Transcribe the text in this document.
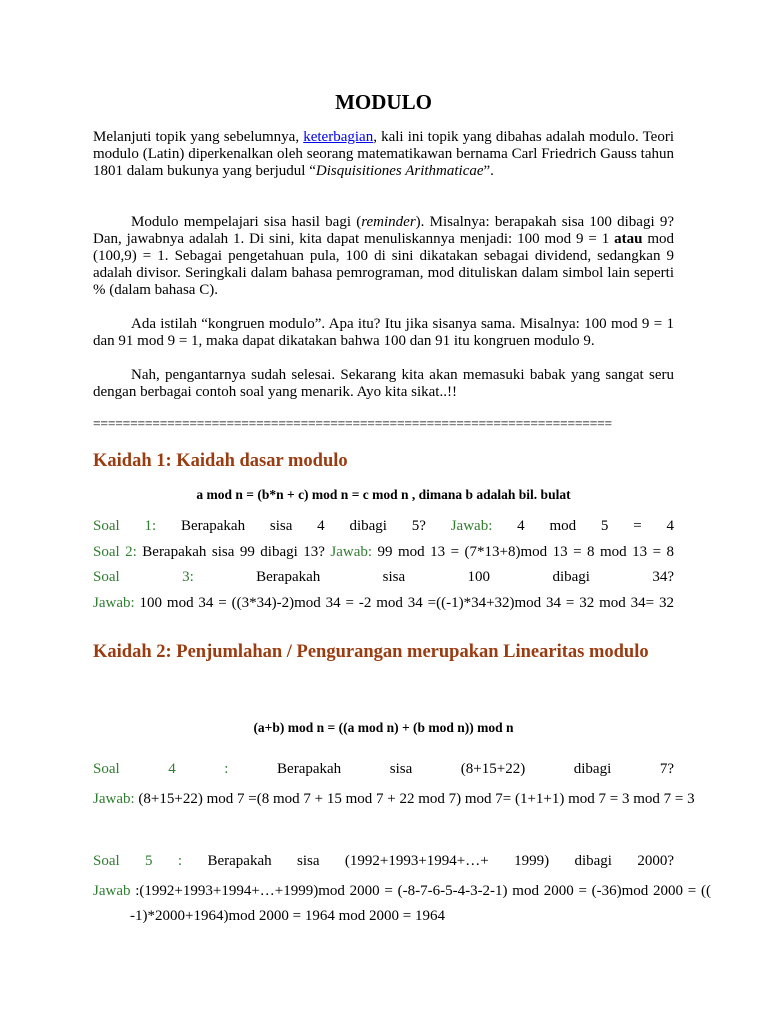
MODULO
Melanjuti topik yang sebelumnya, keterbagian, kali ini topik yang dibahas adalah modulo. Teori modulo (Latin) diperkenalkan oleh seorang matematikawan bernama Carl Friedrich Gauss tahun 1801 dalam bukunya yang berjudul “Disquisitiones Arithmaticae”.
Modulo mempelajari sisa hasil bagi (reminder). Misalnya: berapakah sisa 100 dibagi 9? Dan, jawabnya adalah 1. Di sini, kita dapat menuliskannya menjadi: 100 mod 9 = 1 atau mod (100,9) = 1. Sebagai pengetahuan pula, 100 di sini dikatakan sebagai dividend, sedangkan 9 adalah divisor. Seringkali dalam bahasa pemrograman, mod dituliskan dalam simbol lain seperti % (dalam bahasa C).
Ada istilah “kongruen modulo”. Apa itu? Itu jika sisanya sama. Misalnya: 100 mod 9 = 1 dan 91 mod 9 = 1, maka dapat dikatakan bahwa 100 dan 91 itu kongruen modulo 9.
Nah, pengantarnya sudah selesai. Sekarang kita akan memasuki babak yang sangat seru dengan berbagai contoh soal yang menarik. Ayo kita sikat..!!
======================================================================
Kaidah 1: Kaidah dasar modulo
a mod n = (b*n + c) mod n = c mod n , dimana b adalah bil. bulat
Soal 1: Berapakah sisa 4 dibagi 5? Jawab: 4 mod 5 = 4
Soal 2: Berapakah sisa 99 dibagi 13? Jawab: 99 mod 13 = (7*13+8)mod 13 = 8 mod 13 = 8
Soal 3: Berapakah sisa 100 dibagi 34?
Jawab: 100 mod 34 = ((3*34)-2)mod 34 = -2 mod 34 =((-1)*34+32)mod 34 = 32 mod 34= 32
Kaidah 2: Penjumlahan / Pengurangan merupakan Linearitas modulo
(a+b) mod n = ((a mod n) + (b mod n)) mod n
Soal 4 : Berapakah sisa (8+15+22) dibagi 7?
Jawab: (8+15+22) mod 7 =(8 mod 7 + 15 mod 7 + 22 mod 7) mod 7= (1+1+1) mod 7 = 3 mod 7 = 3
Soal 5 : Berapakah sisa (1992+1993+1994+…+ 1999) dibagi 2000?
Jawab :(1992+1993+1994+…+1999)mod 2000 = (-8-7-6-5-4-3-2-1) mod 2000 = (-36)mod 2000 = (( -1)*2000+1964)mod 2000 = 1964 mod 2000 = 1964
